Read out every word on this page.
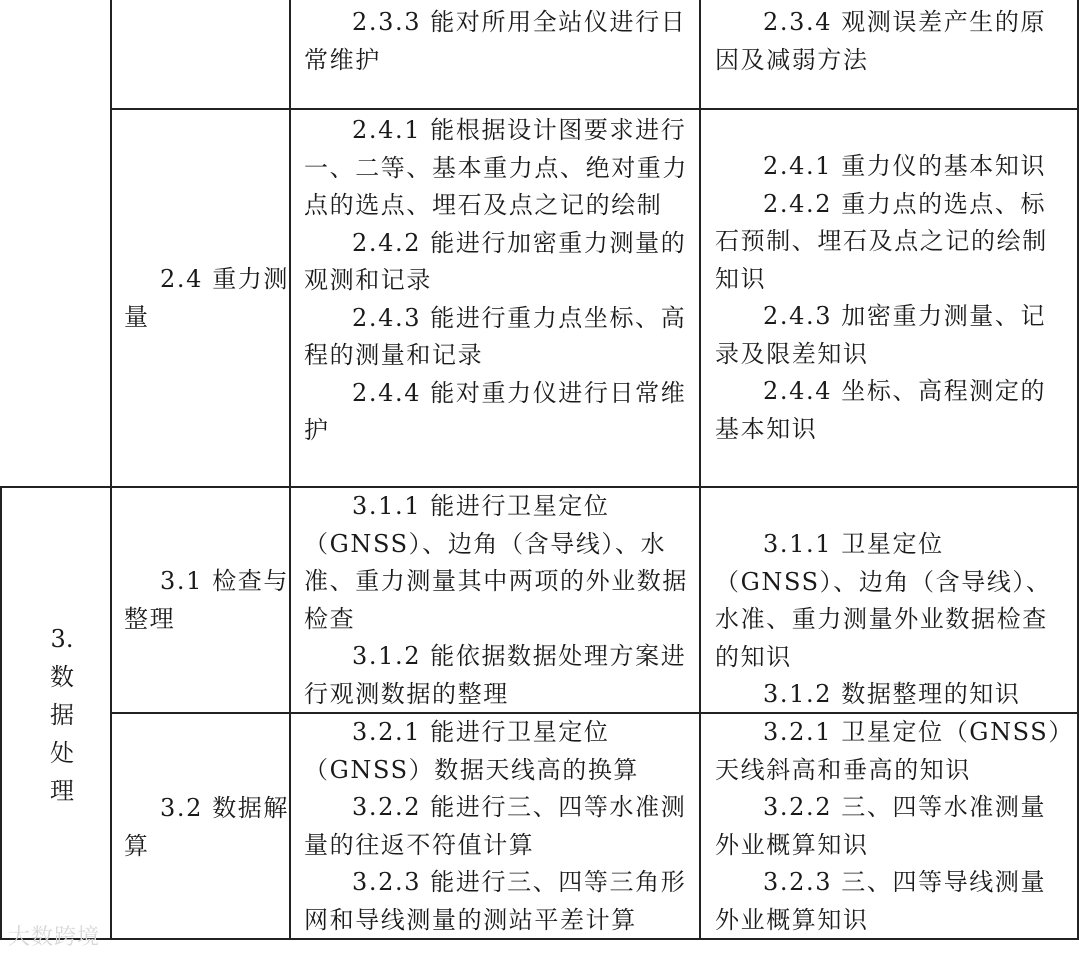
2.3.3 能对所用全站仪进行日常维护

2.3.4 观测误差产生的原因及减弱方法

2.4 重力测量

2.4.1 能根据设计图要求进行一、二等、基本重力点、绝对重力点的选点、埋石及点之记的绘制

2.4.2 能进行加密重力测量的观测和记录

2.4.3 能进行重力点坐标、高程的测量和记录

2.4.4 能对重力仪进行日常维护

2.4.1 重力仪的基本知识

2.4.2 重力点的选点、标石预制、埋石及点之记的绘制知识

2.4.3 加密重力测量、记录及限差知识

2.4.4 坐标、高程测定的基本知识

3.
数
据
处
理

3.1 检查与整理

3.1.1 能进行卫星定位（GNSS）、边角（含导线）、水准、重力测量其中两项的外业数据检查

3.1.2 能依据数据处理方案进行观测数据的整理

3.1.1 卫星定位（GNSS）、边角（含导线）、水准、重力测量外业数据检查的知识

3.1.2 数据整理的知识

3.2 数据解算

3.2.1 能进行卫星定位（GNSS）数据天线高的换算

3.2.2 能进行三、四等水准测量的往返不符值计算

3.2.3 能进行三、四等三角形网和导线测量的测站平差计算

3.2.1 卫星定位（GNSS）天线斜高和垂高的知识

3.2.2 三、四等水准测量外业概算知识

3.2.3 三、四等导线测量外业概算知识

大数跨境
